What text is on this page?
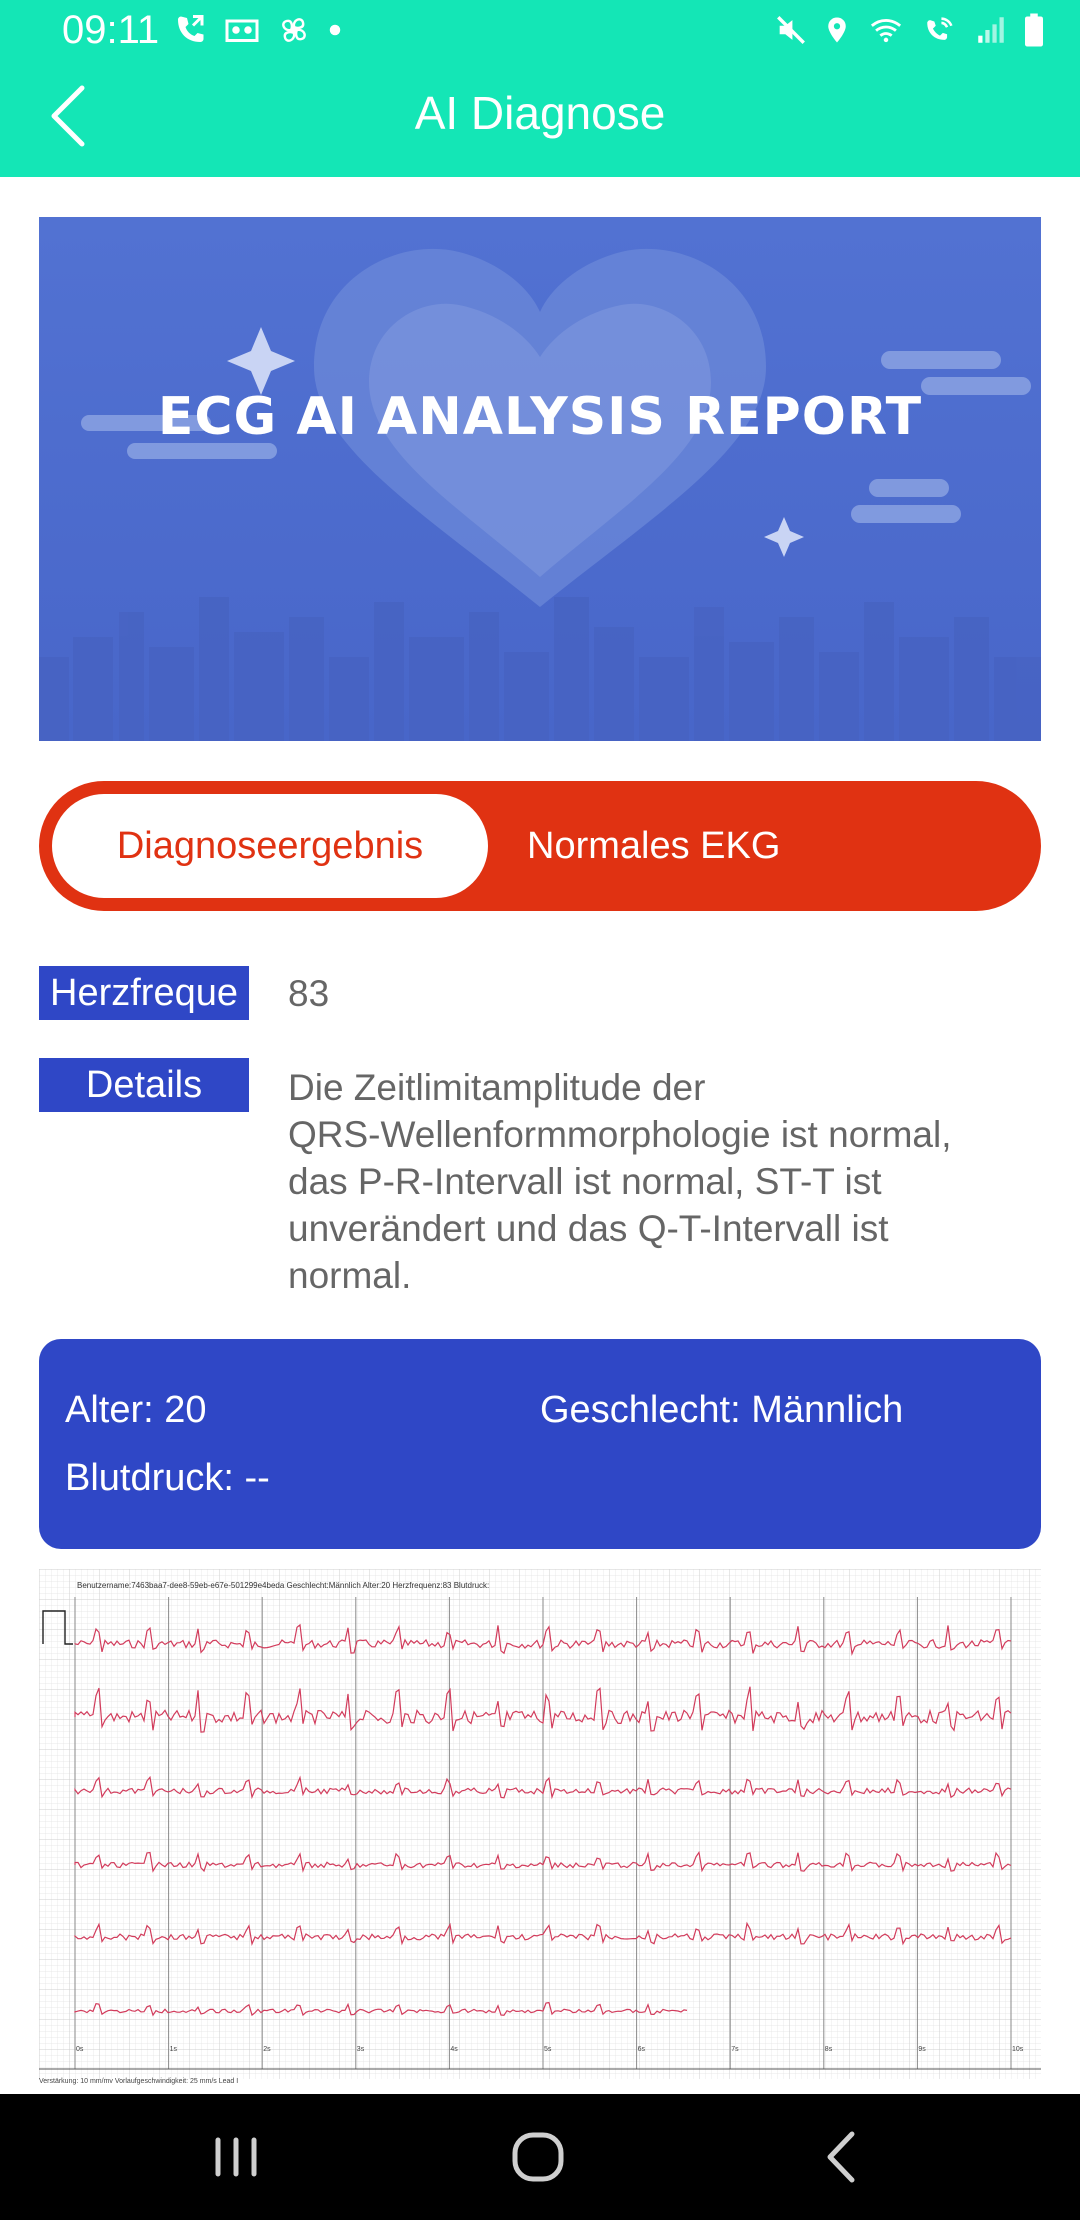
09:11
AI Diagnose
ECG AI ANALYSIS REPORT
Diagnoseergebnis	Normales EKG
Herzfreque 83
Details	Die Zeitlimitamplitude der
QRS-Wellenformmorphologie ist normal,
das P-R-Intervall ist normal, ST-T ist
unverändert und das Q-T-Intervall ist
normal.
Alter: 20	Geschlecht: Männlich
Blutdruck: --
Benutzername:7463baa7-dee8-59eb-e67e-501299e4beda Geschlecht:Männlich Alter:20 Herzfrequenz:83 Blutdruck:
0s	1s	2s	3s	4s	5s	6s	7s	8s	9s	10s
Verstärkung: 10 mm/mv Vorlaufgeschwindigkeit: 25 mm/s Lead I
